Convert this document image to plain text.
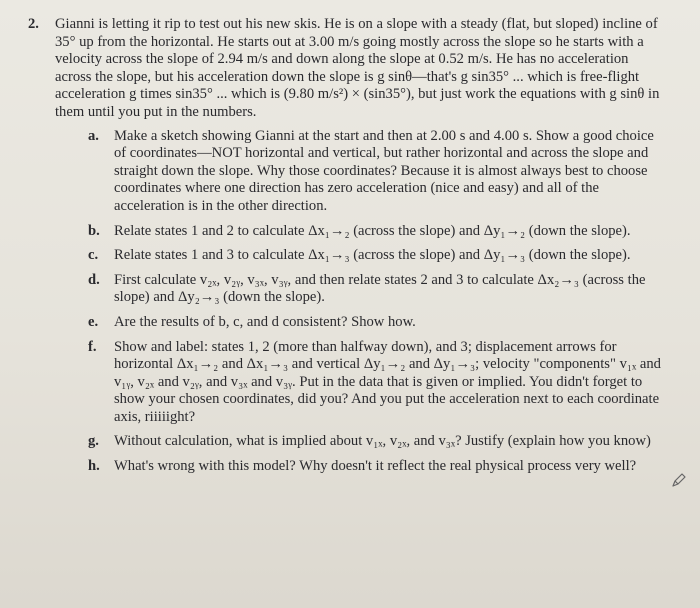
2.	Gianni is letting it rip to test out his new skis. He is on a slope with a steady (flat, but sloped) incline of 35° up from the horizontal. He starts out at 3.00 m/s going mostly across the slope so he starts with a velocity across the slope of 2.94 m/s and down along the slope at 0.52 m/s. He has no acceleration across the slope, but his acceleration down the slope is g sinθ—that's g sin35° ... which is free-flight acceleration g times sin35° ... which is (9.80 m/s²) × (sin35°), but just work the equations with g sinθ in them until you put in the numbers.
a.	Make a sketch showing Gianni at the start and then at 2.00 s and 4.00 s. Show a good choice of coordinates—NOT horizontal and vertical, but rather horizontal and across the slope and straight down the slope. Why those coordinates? Because it is almost always best to choose coordinates where one direction has zero acceleration (nice and easy) and all of the acceleration is in the other direction.
b. Relate states 1 and 2 to calculate Δx₁→₂ (across the slope) and Δy₁→₂ (down the slope).
c.	Relate states 1 and 3 to calculate Δx₁→₃ (across the slope) and Δy₁→₃ (down the slope).
d. First calculate v₂ₓ, v₂ᵧ, v₃ₓ, v₃ᵧ, and then relate states 2 and 3 to calculate Δx₂→₃ (across the slope) and Δy₂→₃ (down the slope).
e.	Are the results of b, c, and d consistent? Show how.
f.	Show and label: states 1, 2 (more than halfway down), and 3; displacement arrows for horizontal Δx₁→₂ and Δx₁→₃ and vertical Δy₁→₂ and Δy₁→₃; velocity "components" v₁ₓ and v₁ᵧ, v₂ₓ and v₂ᵧ, and v₃ₓ and v₃ᵧ. Put in the data that is given or implied. You didn't forget to show your chosen coordinates, did you? And you put the acceleration next to each coordinate axis, riiiiight?
g.	Without calculation, what is implied about v₁ₓ, v₂ₓ, and v₃ₓ? Justify (explain how you know)
h. What's wrong with this model? Why doesn't it reflect the real physical process very well?
